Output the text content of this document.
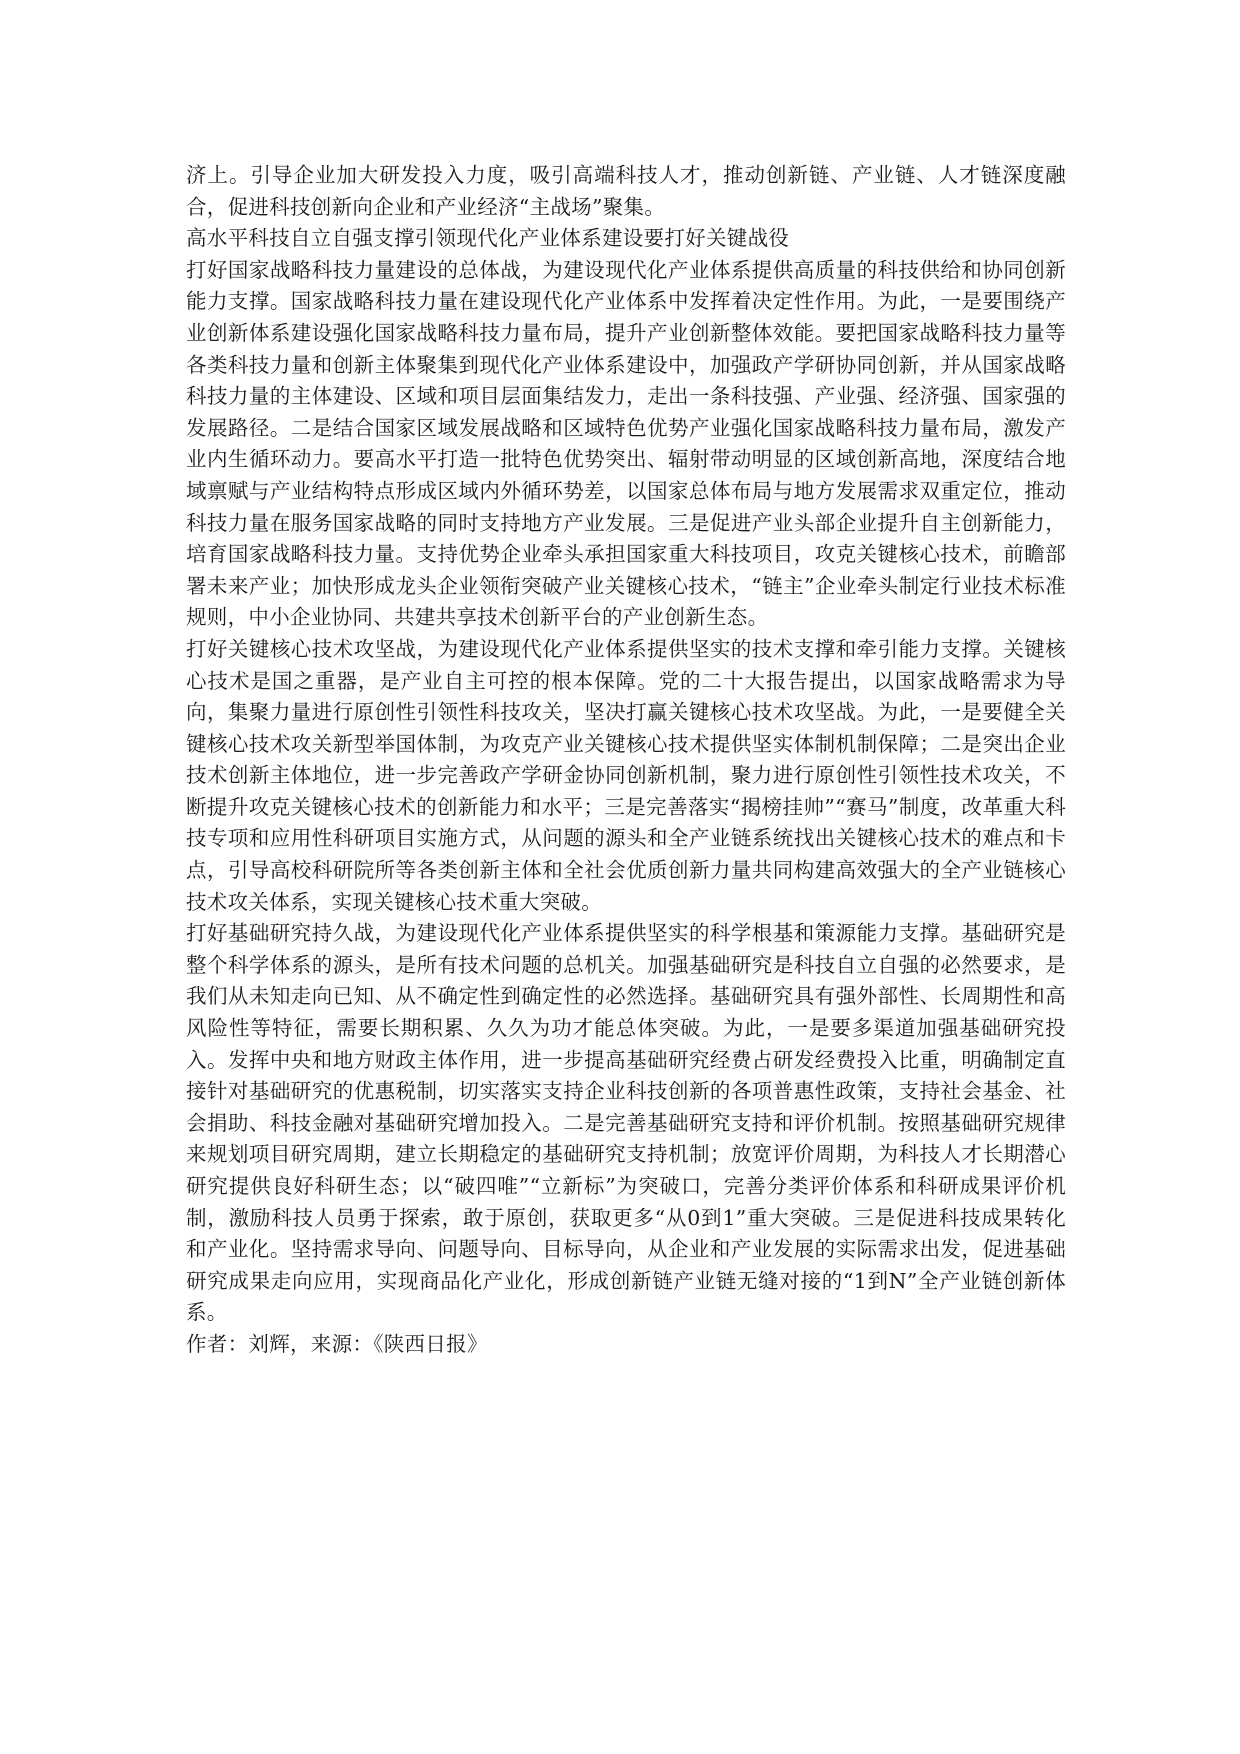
济上。引导企业加大研发投入力度，吸引高端科技人才，推动创新链、产业链、人才链深度融合，促进科技创新向企业和产业经济“主战场”聚集。

高水平科技自立自强支撑引领现代化产业体系建设要打好关键战役

打好国家战略科技力量建设的总体战，为建设现代化产业体系提供高质量的科技供给和协同创新能力支撑。国家战略科技力量在建设现代化产业体系中发挥着决定性作用。为此，一是要围绕产业创新体系建设强化国家战略科技力量布局，提升产业创新整体效能。要把国家战略科技力量等各类科技力量和创新主体聚集到现代化产业体系建设中，加强政产学研协同创新，并从国家战略科技力量的主体建设、区域和项目层面集结发力，走出一条科技强、产业强、经济强、国家强的发展路径。二是结合国家区域发展战略和区域特色优势产业强化国家战略科技力量布局，激发产业内生循环动力。要高水平打造一批特色优势突出、辐射带动明显的区域创新高地，深度结合地域禀赋与产业结构特点形成区域内外循环势差，以国家总体布局与地方发展需求双重定位，推动科技力量在服务国家战略的同时支持地方产业发展。三是促进产业头部企业提升自主创新能力，培育国家战略科技力量。支持优势企业牵头承担国家重大科技项目，攻克关键核心技术，前瞻部署未来产业；加快形成龙头企业领衔突破产业关键核心技术，“链主”企业牵头制定行业技术标准规则，中小企业协同、共建共享技术创新平台的产业创新生态。

打好关键核心技术攻坚战，为建设现代化产业体系提供坚实的技术支撑和牵引能力支撑。关键核心技术是国之重器，是产业自主可控的根本保障。党的二十大报告提出，以国家战略需求为导向，集聚力量进行原创性引领性科技攻关，坚决打赢关键核心技术攻坚战。为此，一是要健全关键核心技术攻关新型举国体制，为攻克产业关键核心技术提供坚实体制机制保障；二是突出企业技术创新主体地位，进一步完善政产学研金协同创新机制，聚力进行原创性引领性技术攻关，不断提升攻克关键核心技术的创新能力和水平；三是完善落实“揭榜挂帅”“赛马”制度，改革重大科技专项和应用性科研项目实施方式，从问题的源头和全产业链系统找出关键核心技术的难点和卡点，引导高校科研院所等各类创新主体和全社会优质创新力量共同构建高效强大的全产业链核心技术攻关体系，实现关键核心技术重大突破。

打好基础研究持久战，为建设现代化产业体系提供坚实的科学根基和策源能力支撑。基础研究是整个科学体系的源头，是所有技术问题的总机关。加强基础研究是科技自立自强的必然要求，是我们从未知走向已知、从不确定性到确定性的必然选择。基础研究具有强外部性、长周期性和高风险性等特征，需要长期积累、久久为功才能总体突破。为此，一是要多渠道加强基础研究投入。发挥中央和地方财政主体作用，进一步提高基础研究经费占研发经费投入比重，明确制定直接针对基础研究的优惠税制，切实落实支持企业科技创新的各项普惠性政策，支持社会基金、社会捐助、科技金融对基础研究增加投入。二是完善基础研究支持和评价机制。按照基础研究规律来规划项目研究周期，建立长期稳定的基础研究支持机制；放宽评价周期，为科技人才长期潜心研究提供良好科研生态；以“破四唯”“立新标”为突破口，完善分类评价体系和科研成果评价机制，激励科技人员勇于探索，敢于原创，获取更多“从0到1”重大突破。三是促进科技成果转化和产业化。坚持需求导向、问题导向、目标导向，从企业和产业发展的实际需求出发，促进基础研究成果走向应用，实现商品化产业化，形成创新链产业链无缝对接的“1到N”全产业链创新体系。

作者：刘辉，来源：《陕西日报》
